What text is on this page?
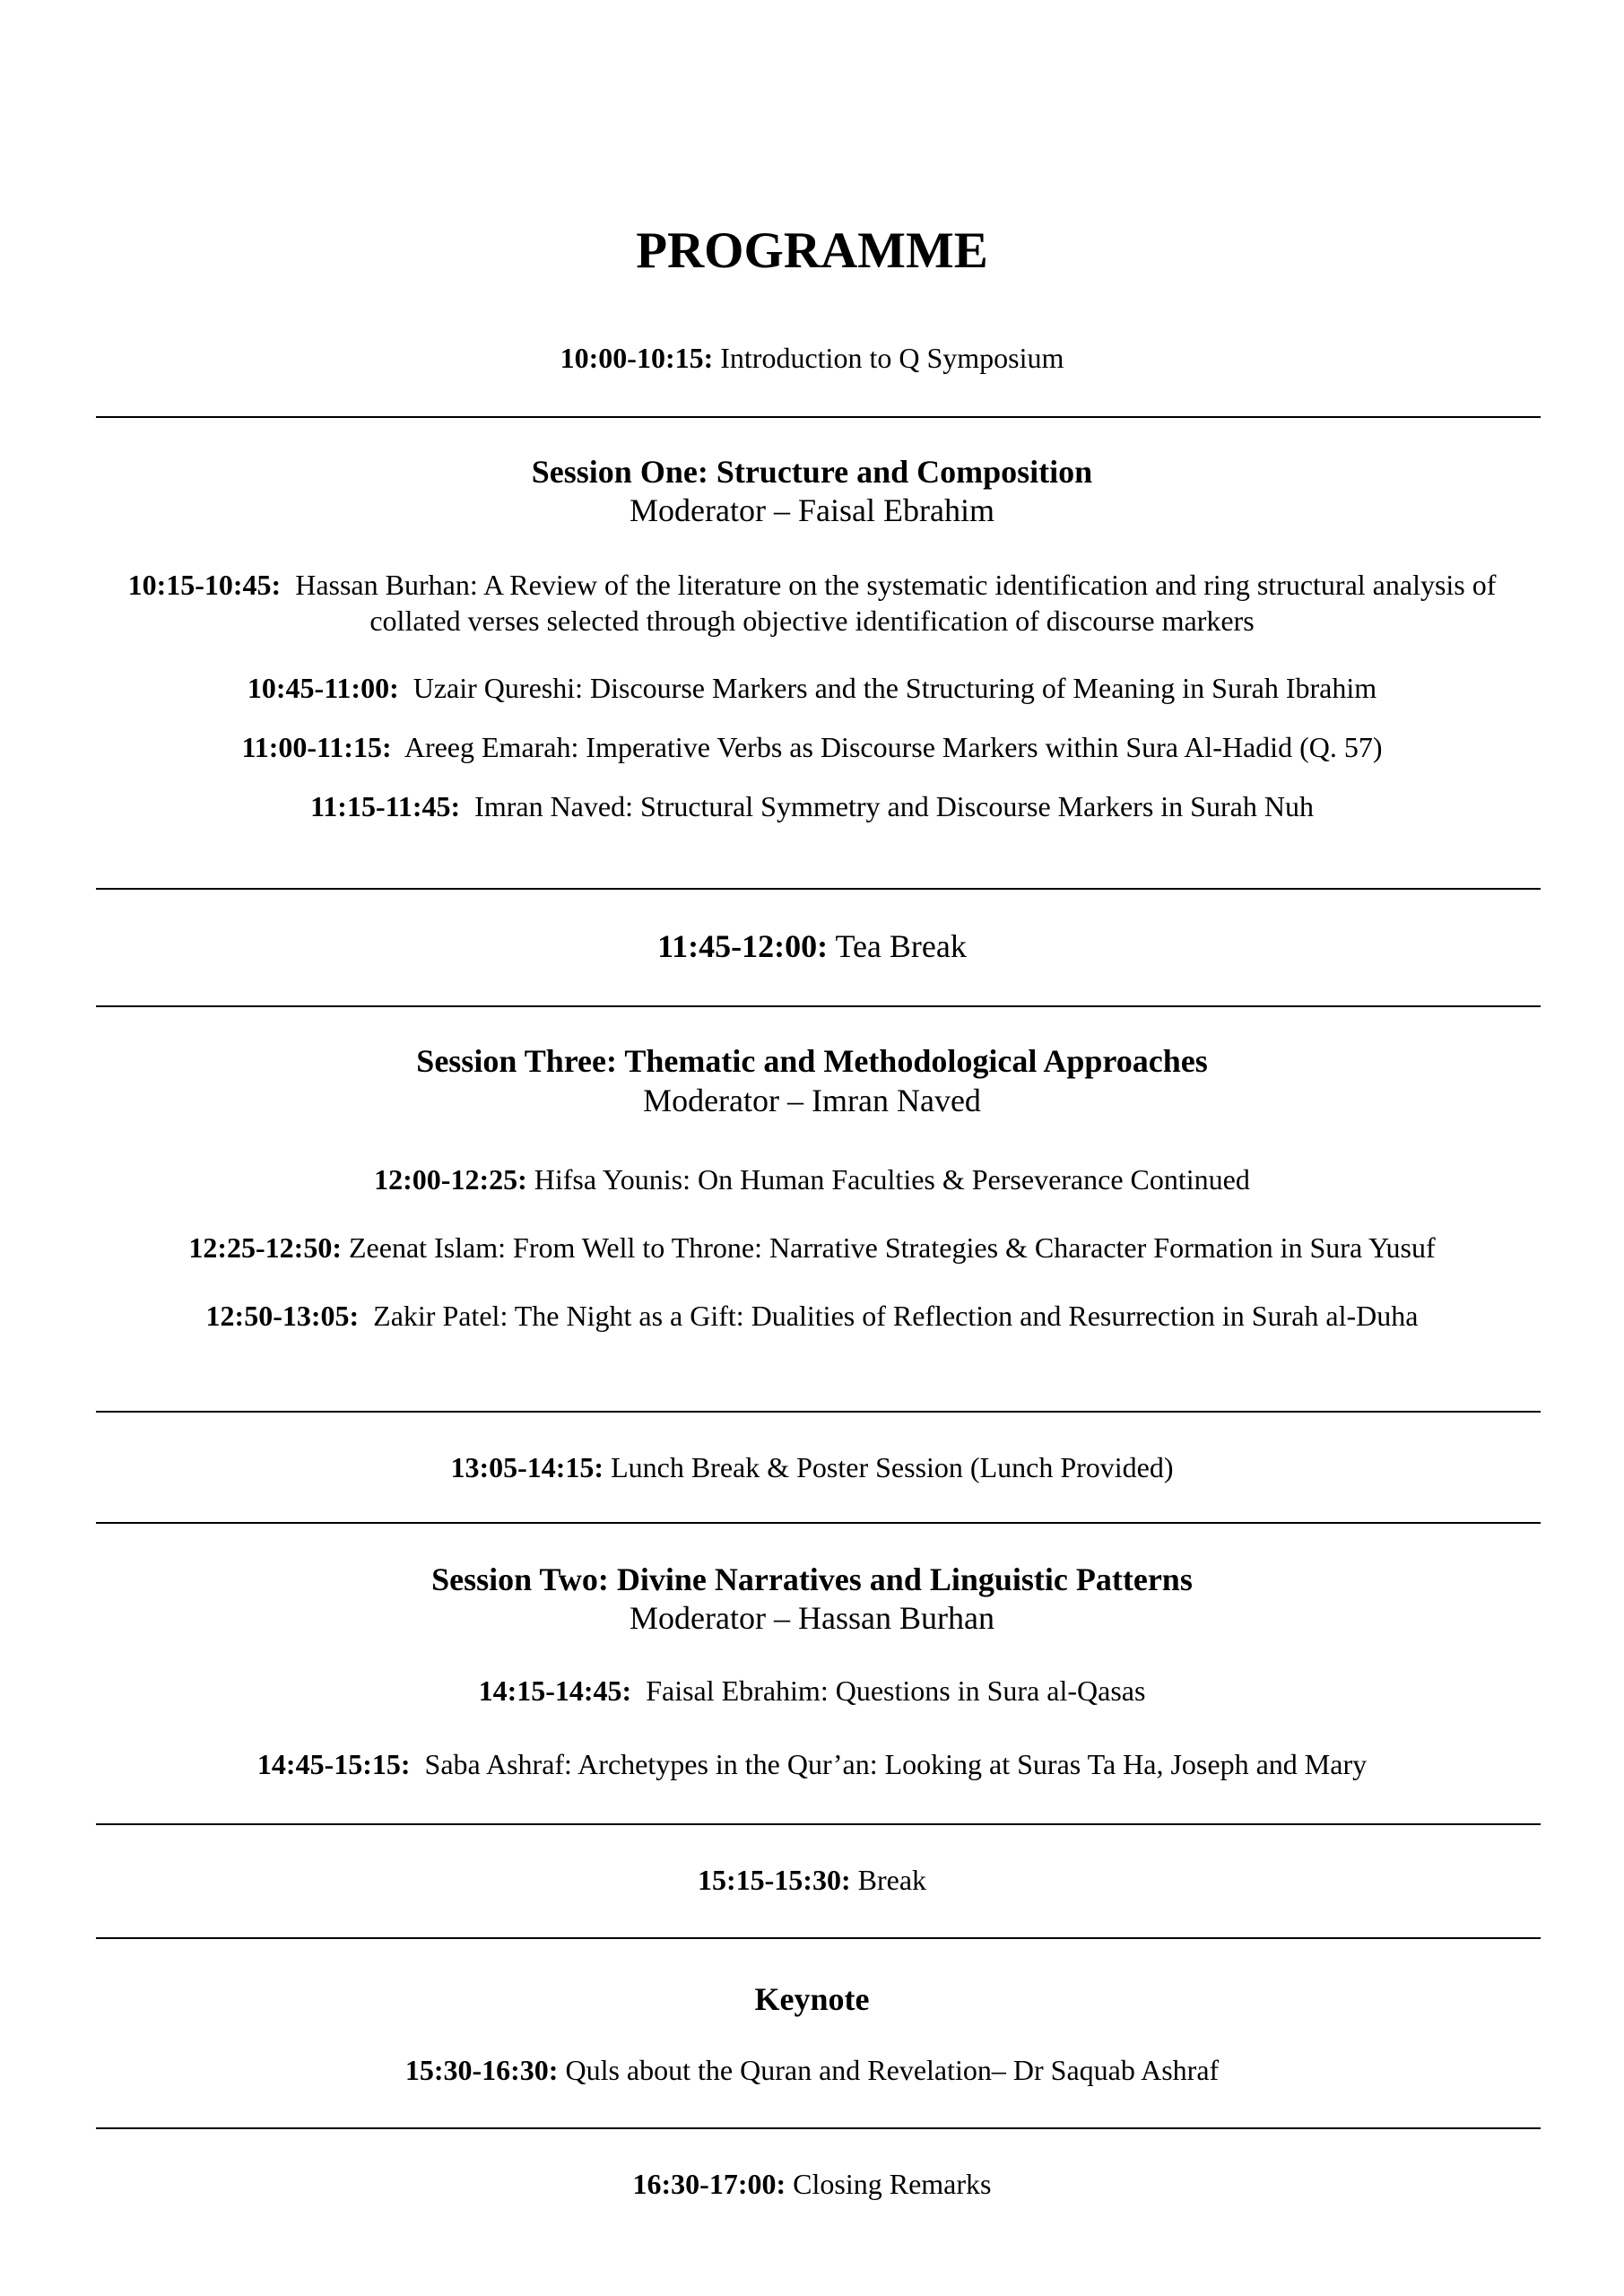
PROGRAMME
10:00-10:15: Introduction to Q Symposium
Session One: Structure and Composition
Moderator – Faisal Ebrahim
10:15-10:45: Hassan Burhan: A Review of the literature on the systematic identification and ring structural analysis of collated verses selected through objective identification of discourse markers
10:45-11:00: Uzair Qureshi: Discourse Markers and the Structuring of Meaning in Surah Ibrahim
11:00-11:15: Areeg Emarah: Imperative Verbs as Discourse Markers within Sura Al-Hadid (Q. 57)
11:15-11:45: Imran Naved: Structural Symmetry and Discourse Markers in Surah Nuh
11:45-12:00: Tea Break
Session Three: Thematic and Methodological Approaches
Moderator – Imran Naved
12:00-12:25: Hifsa Younis: On Human Faculties & Perseverance Continued
12:25-12:50: Zeenat Islam: From Well to Throne: Narrative Strategies & Character Formation in Sura Yusuf
12:50-13:05: Zakir Patel: The Night as a Gift: Dualities of Reflection and Resurrection in Surah al-Duha
13:05-14:15: Lunch Break & Poster Session (Lunch Provided)
Session Two: Divine Narratives and Linguistic Patterns
Moderator – Hassan Burhan
14:15-14:45: Faisal Ebrahim: Questions in Sura al-Qasas
14:45-15:15: Saba Ashraf: Archetypes in the Qur’an: Looking at Suras Ta Ha, Joseph and Mary
15:15-15:30: Break
Keynote
15:30-16:30: Quls about the Quran and Revelation– Dr Saquab Ashraf
16:30-17:00: Closing Remarks
